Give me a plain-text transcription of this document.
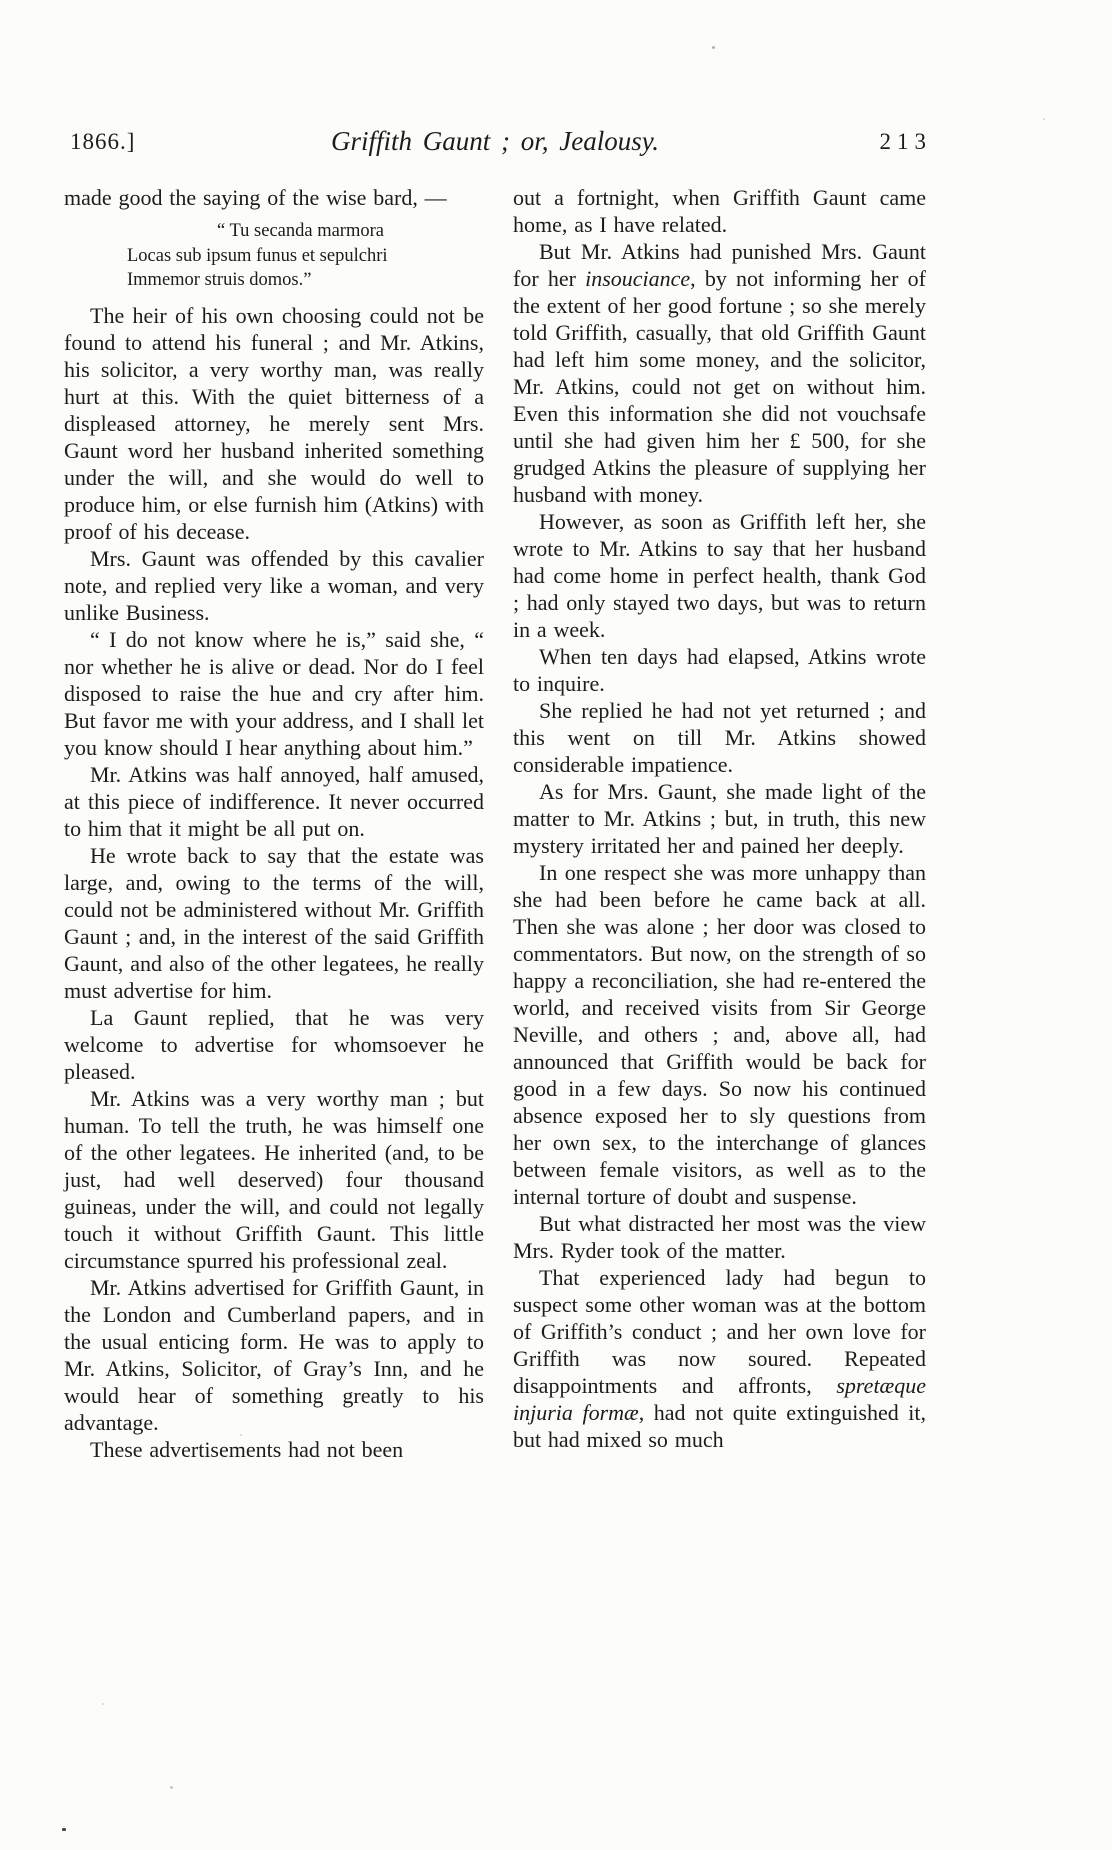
1866.]	Griffith Gaunt ; or, Jealousy.	213

made good the saying of the wise bard, —

“ Tu secanda marmora
Locas sub ipsum funus et sepulchri
Immemor struis domos.”

The heir of his own choosing could not be found to attend his funeral ; and Mr. Atkins, his solicitor, a very worthy man, was really hurt at this. With the quiet bitterness of a displeased attorney, he merely sent Mrs. Gaunt word her husband inherited something under the will, and she would do well to produce him, or else furnish him (Atkins) with proof of his decease.

Mrs. Gaunt was offended by this cavalier note, and replied very like a woman, and very unlike Business.

“ I do not know where he is,” said she, “ nor whether he is alive or dead. Nor do I feel disposed to raise the hue and cry after him. But favor me with your address, and I shall let you know should I hear anything about him.”

Mr. Atkins was half annoyed, half amused, at this piece of indifference. It never occurred to him that it might be all put on.

He wrote back to say that the estate was large, and, owing to the terms of the will, could not be administered without Mr. Griffith Gaunt ; and, in the interest of the said Griffith Gaunt, and also of the other legatees, he really must advertise for him.

La Gaunt replied, that he was very welcome to advertise for whomsoever he pleased.

Mr. Atkins was a very worthy man ; but human. To tell the truth, he was himself one of the other legatees. He inherited (and, to be just, had well deserved) four thousand guineas, under the will, and could not legally touch it without Griffith Gaunt. This little circumstance spurred his professional zeal.

Mr. Atkins advertised for Griffith Gaunt, in the London and Cumberland papers, and in the usual enticing form. He was to apply to Mr. Atkins, Solicitor, of Gray’s Inn, and he would hear of something greatly to his advantage.

These advertisements had not been

out a fortnight, when Griffith Gaunt came home, as I have related.

But Mr. Atkins had punished Mrs. Gaunt for her insouciance, by not informing her of the extent of her good fortune ; so she merely told Griffith, casually, that old Griffith Gaunt had left him some money, and the solicitor, Mr. Atkins, could not get on without him. Even this information she did not vouchsafe until she had given him her £ 500, for she grudged Atkins the pleasure of supplying her husband with money.

However, as soon as Griffith left her, she wrote to Mr. Atkins to say that her husband had come home in perfect health, thank God ; had only stayed two days, but was to return in a week.

When ten days had elapsed, Atkins wrote to inquire.

She replied he had not yet returned ; and this went on till Mr. Atkins showed considerable impatience.

As for Mrs. Gaunt, she made light of the matter to Mr. Atkins ; but, in truth, this new mystery irritated her and pained her deeply.

In one respect she was more unhappy than she had been before he came back at all. Then she was alone ; her door was closed to commentators. But now, on the strength of so happy a reconciliation, she had re-entered the world, and received visits from Sir George Neville, and others ; and, above all, had announced that Griffith would be back for good in a few days. So now his continued absence exposed her to sly questions from her own sex, to the interchange of glances between female visitors, as well as to the internal torture of doubt and suspense.

But what distracted her most was the view Mrs. Ryder took of the matter.

That experienced lady had begun to suspect some other woman was at the bottom of Griffith’s conduct ; and her own love for Griffith was now soured. Repeated disappointments and affronts, spretæque injuria formæ, had not quite extinguished it, but had mixed so much
